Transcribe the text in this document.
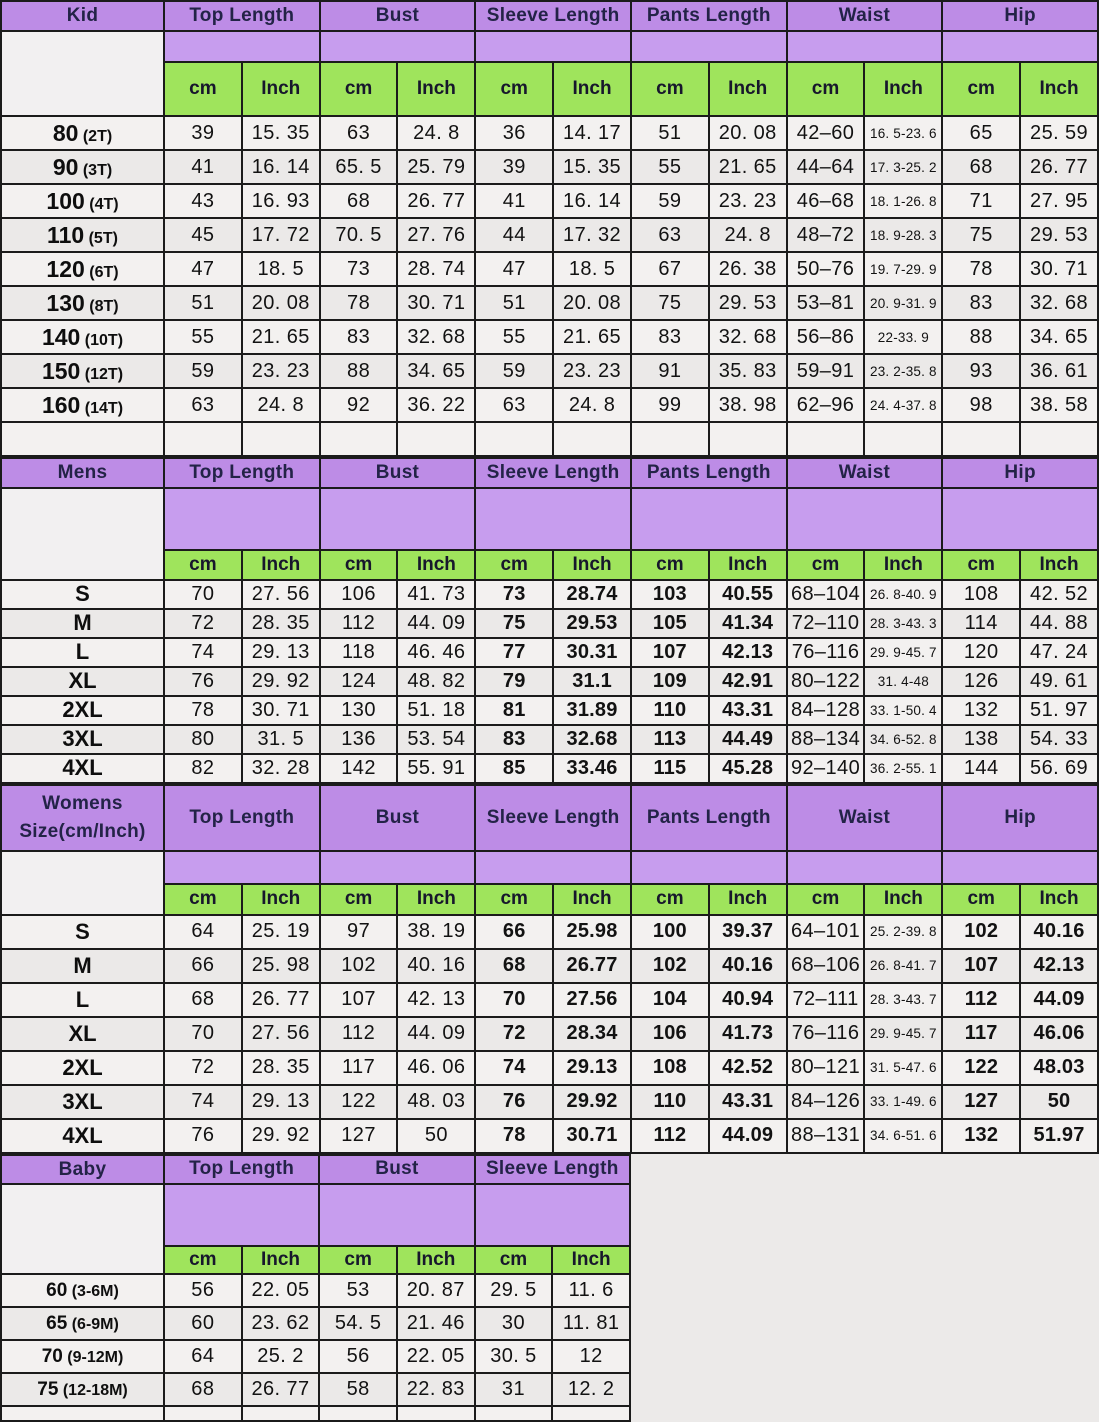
Kid	Top Length		Bust		Sleeve Length		Pants Length		Waist		Hip	

	cm	Inch	cm	Inch	cm	Inch	cm	Inch	cm	Inch	cm	Inch
80 (2T)	39	15. 35	63	24. 8	36	14. 17	51	20. 08	42–60	16. 5-23. 6	65	25. 59
90 (3T)	41	16. 14	65. 5	25. 79	39	15. 35	55	21. 65	44–64	17. 3-25. 2	68	26. 77
100 (4T)	43	16. 93	68	26. 77	41	16. 14	59	23. 23	46–68	18. 1-26. 8	71	27. 95
110 (5T)	45	17. 72	70. 5	27. 76	44	17. 32	63	24. 8	48–72	18. 9-28. 3	75	29. 53
120 (6T)	47	18. 5	73	28. 74	47	18. 5	67	26. 38	50–76	19. 7-29. 9	78	30. 71
130 (8T)	51	20. 08	78	30. 71	51	20. 08	75	29. 53	53–81	20. 9-31. 9	83	32. 68
140 (10T)	55	21. 65	83	32. 68	55	21. 65	83	32. 68	56–86	22-33. 9	88	34. 65
150 (12T)	59	23. 23	88	34. 65	59	23. 23	91	35. 83	59–91	23. 2-35. 8	93	36. 61
160 (14T)	63	24. 8	92	36. 22	63	24. 8	99	38. 98	62–96	24. 4-37. 8	98	38. 58

Mens	Top Length		Bust		Sleeve Length		Pants Length		Waist		Hip	

	cm	Inch	cm	Inch	cm	Inch	cm	Inch	cm	Inch	cm	Inch
S	70	27. 56	106	41. 73	73	28.74	103	40.55	68–104	26. 8-40. 9	108	42. 52
M	72	28. 35	112	44. 09	75	29.53	105	41.34	72–110	28. 3-43. 3	114	44. 88
L	74	29. 13	118	46. 46	77	30.31	107	42.13	76–116	29. 9-45. 7	120	47. 24
XL	76	29. 92	124	48. 82	79	31.1	109	42.91	80–122	31. 4-48	126	49. 61
2XL	78	30. 71	130	51. 18	81	31.89	110	43.31	84–128	33. 1-50. 4	132	51. 97
3XL	80	31. 5	136	53. 54	83	32.68	113	44.49	88–134	34. 6-52. 8	138	54. 33
4XL	82	32. 28	142	55. 91	85	33.46	115	45.28	92–140	36. 2-55. 1	144	56. 69
Womens
Size(cm/Inch)	Top Length		Bust		Sleeve Length		Pants Length		Waist		Hip	

	cm	Inch	cm	Inch	cm	Inch	cm	Inch	cm	Inch	cm	Inch
S	64	25. 19	97	38. 19	66	25.98	100	39.37	64–101	25. 2-39. 8	102	40.16
M	66	25. 98	102	40. 16	68	26.77	102	40.16	68–106	26. 8-41. 7	107	42.13
L	68	26. 77	107	42. 13	70	27.56	104	40.94	72–111	28. 3-43. 7	112	44.09
XL	70	27. 56	112	44. 09	72	28.34	106	41.73	76–116	29. 9-45. 7	117	46.06
2XL	72	28. 35	117	46. 06	74	29.13	108	42.52	80–121	31. 5-47. 6	122	48.03
3XL	74	29. 13	122	48. 03	76	29.92	110	43.31	84–126	33. 1-49. 6	127	50
4XL	76	29. 92	127	50	78	30.71	112	44.09	88–131	34. 6-51. 6	132	51.97
Baby	Top Length		Bust		Sleeve Length	

	cm	Inch	cm	Inch	cm	Inch
60 (3-6M)	56	22. 05	53	20. 87	29. 5	11. 6
65 (6-9M)	60	23. 62	54. 5	21. 46	30	11. 81
70 (9-12M)	64	25. 2	56	22. 05	30. 5	12
75 (12-18M)	68	26. 77	58	22. 83	31	12. 2
